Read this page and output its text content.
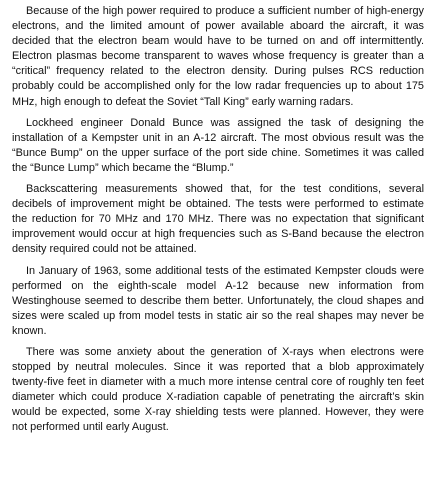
Because of the high power required to produce a sufficient number of high-energy electrons, and the limited amount of power available aboard the aircraft, it was decided that the electron beam would have to be turned on and off intermittently. Electron plasmas become transparent to waves whose frequency is greater than a “critical” frequency related to the electron density. During pulses RCS reduction probably could be accomplished only for the low radar frequencies up to about 175 MHz, high enough to defeat the Soviet “Tall King” early warning radars.

Lockheed engineer Donald Bunce was assigned the task of designing the installation of a Kempster unit in an A-12 aircraft. The most obvious result was the “Bunce Bump” on the upper surface of the port side chine. Sometimes it was called the “Bunce Lump” which became the “Blump.”

Backscattering measurements showed that, for the test conditions, several decibels of improvement might be obtained. The tests were performed to estimate the reduction for 70 MHz and 170 MHz. There was no expectation that significant improvement would occur at high frequencies such as S-Band because the electron density required could not be attained.

In January of 1963, some additional tests of the estimated Kempster clouds were performed on the eighth-scale model A-12 because new information from Westinghouse seemed to describe them better. Unfortunately, the cloud shapes and sizes were scaled up from model tests in static air so the real shapes may never be known.

There was some anxiety about the generation of X-rays when electrons were stopped by neutral molecules. Since it was reported that a blob approximately twenty-five feet in diameter with a much more intense central core of roughly ten feet diameter which could produce X-radiation capable of penetrating the aircraft’s skin would be expected, some X-ray shielding tests were planned. However, they were not performed until early August.
